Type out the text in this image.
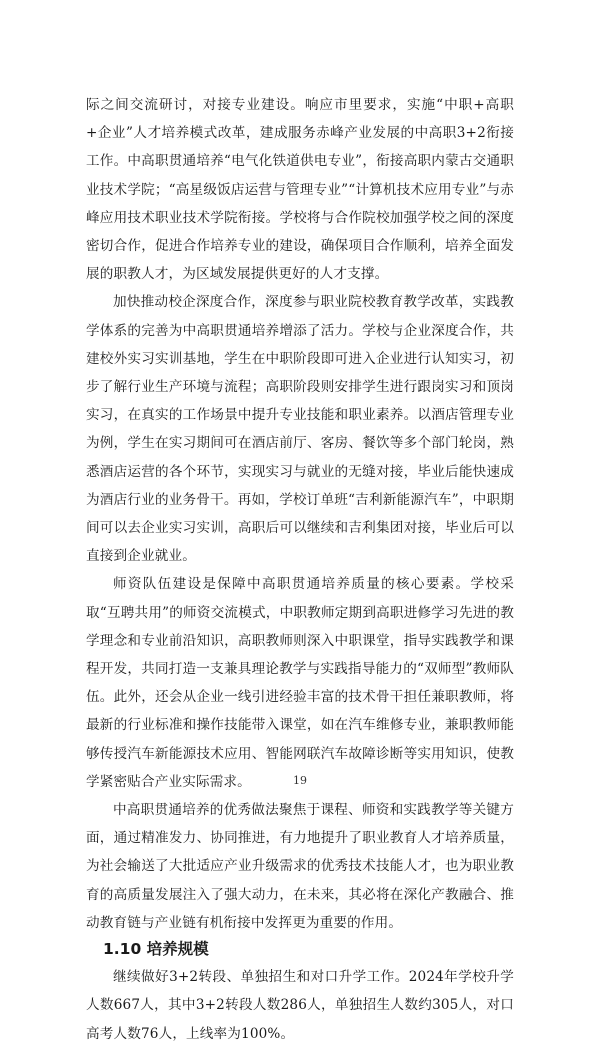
际之间交流研讨，对接专业建设。响应市里要求，实施“中职+高职+企业”人才培养模式改革，建成服务赤峰产业发展的中高职3+2衔接工作。中高职贯通培养“电气化铁道供电专业”，衔接高职内蒙古交通职业技术学院；“高星级饭店运营与管理专业”“计算机技术应用专业”与赤峰应用技术职业技术学院衔接。学校将与合作院校加强学校之间的深度密切合作，促进合作培养专业的建设，确保项目合作顺利，培养全面发展的职教人才，为区域发展提供更好的人才支撑。

加快推动校企深度合作，深度参与职业院校教育教学改革，实践教学体系的完善为中高职贯通培养增添了活力。学校与企业深度合作，共建校外实习实训基地，学生在中职阶段即可进入企业进行认知实习，初步了解行业生产环境与流程；高职阶段则安排学生进行跟岗实习和顶岗实习，在真实的工作场景中提升专业技能和职业素养。以酒店管理专业为例，学生在实习期间可在酒店前厅、客房、餐饮等多个部门轮岗，熟悉酒店运营的各个环节，实现实习与就业的无缝对接，毕业后能快速成为酒店行业的业务骨干。再如，学校订单班“吉利新能源汽车”，中职期间可以去企业实习实训，高职后可以继续和吉利集团对接，毕业后可以直接到企业就业。

师资队伍建设是保障中高职贯通培养质量的核心要素。学校采取“互聘共用”的师资交流模式，中职教师定期到高职进修学习先进的教学理念和专业前沿知识，高职教师则深入中职课堂，指导实践教学和课程开发，共同打造一支兼具理论教学与实践指导能力的“双师型”教师队伍。此外，还会从企业一线引进经验丰富的技术骨干担任兼职教师，将最新的行业标准和操作技能带入课堂，如在汽车维修专业，兼职教师能够传授汽车新能源技术应用、智能网联汽车故障诊断等实用知识，使教学紧密贴合产业实际需求。

中高职贯通培养的优秀做法聚焦于课程、师资和实践教学等关键方面，通过精准发力、协同推进，有力地提升了职业教育人才培养质量，为社会输送了大批适应产业升级需求的优秀技术技能人才，也为职业教育的高质量发展注入了强大动力，在未来，其必将在深化产教融合、推动教育链与产业链有机衔接中发挥更为重要的作用。

1.10 培养规模

继续做好3+2转段、单独招生和对口升学工作。2024年学校升学人数667人，其中3+2转段人数286人，单独招生人数约305人，对口高考人数76人，上线率为100%。

19
